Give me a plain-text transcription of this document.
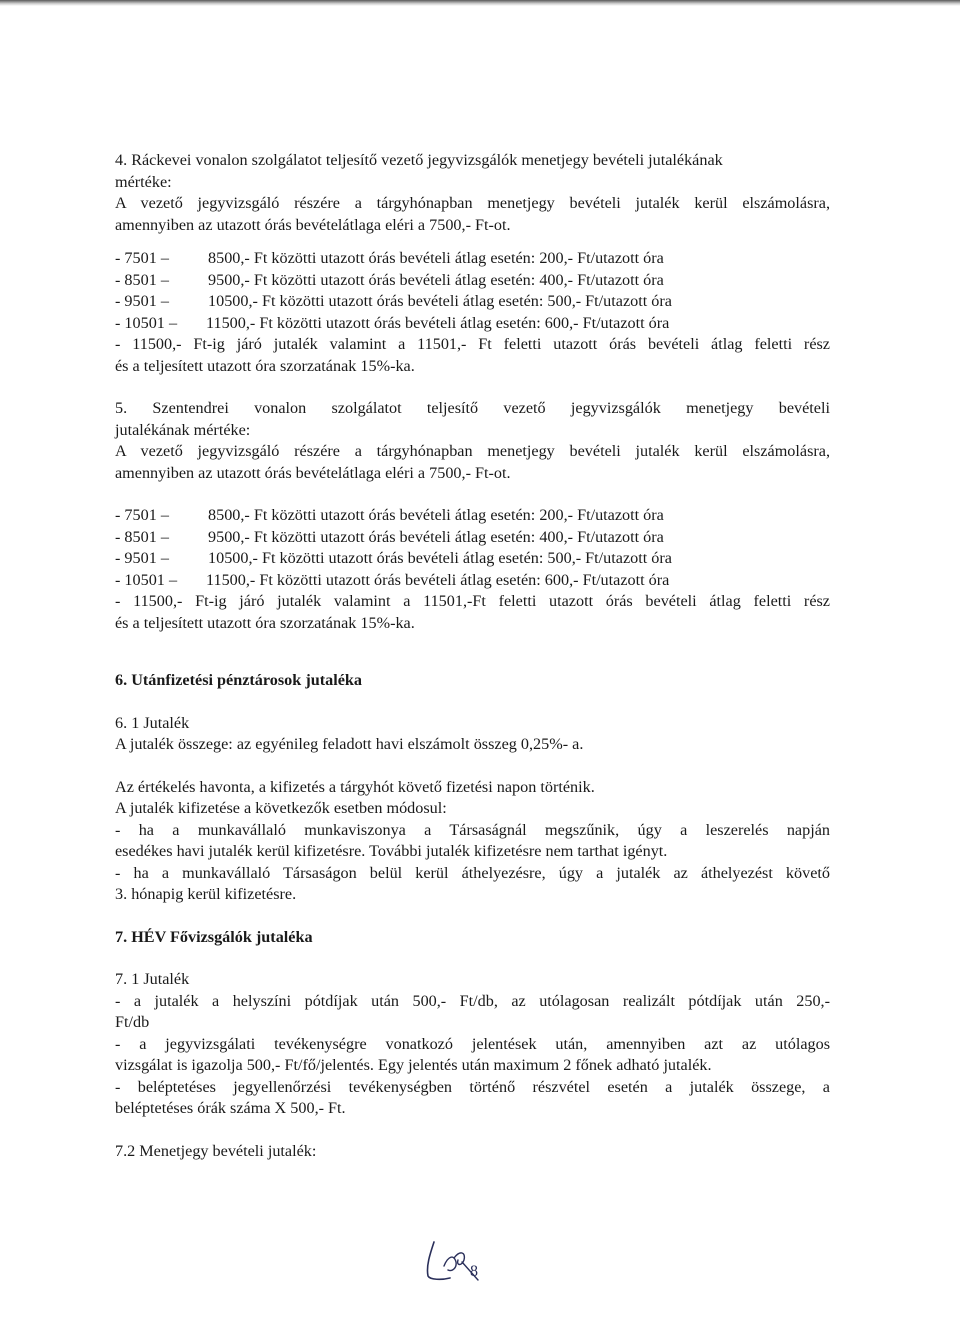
4. Ráckevei vonalon szolgálatot teljesítő vezető jegyvizsgálók menetjegy bevételi jutalékának

mértéke:

A vezető jegyvizsgáló részére a tárgyhónapban menetjegy bevételi jutalék kerül elszámolásra,

amennyiben az utazott órás bevételátlaga eléri a 7500,- Ft-ot.

- 7501 –	8500,- Ft
közötti utazott órás bevételi átlag esetén: 200,- Ft/utazott óra
- 8501 –	9500,- Ft
közötti utazott órás bevételi átlag esetén: 400,- Ft/utazott óra
- 9501 –	10500,- Ft
közötti utazott órás bevételi átlag esetén: 500,- Ft/utazott óra
- 10501 –	11500,- Ft
közötti utazott órás bevételi átlag esetén: 600,- Ft/utazott óra

- 11500,- Ft-ig járó jutalék valamint a 11501,- Ft feletti utazott órás bevételi átlag feletti rész

és a teljesített utazott óra szorzatának 15%-ka.

5. Szentendrei vonalon szolgálatot teljesítő vezető jegyvizsgálók menetjegy bevételi

jutalékának mértéke:

A vezető jegyvizsgáló részére a tárgyhónapban menetjegy bevételi jutalék kerül elszámolásra,

amennyiben az utazott órás bevételátlaga eléri a 7500,- Ft-ot.

- 7501 –	8500,- Ft
közötti utazott órás bevételi átlag esetén: 200,- Ft/utazott óra
- 8501 –	9500,- Ft
közötti utazott órás bevételi átlag esetén: 400,- Ft/utazott óra
- 9501 –	10500,- Ft
közötti utazott órás bevételi átlag esetén: 500,- Ft/utazott óra
- 10501 –	11500,- Ft
közötti utazott órás bevételi átlag esetén: 600,- Ft/utazott óra

- 11500,- Ft-ig járó jutalék valamint a 11501,-Ft feletti utazott órás bevételi átlag feletti rész

és a teljesített utazott óra szorzatának 15%-ka.

6. Utánfizetési pénztárosok jutaléka

6. 1 Jutalék

A jutalék összege: az egyénileg feladott havi elszámolt összeg 0,25%- a.

Az értékelés havonta, a kifizetés a tárgyhót követő fizetési napon történik.

A jutalék kifizetése a következők esetben módosul:

- ha a munkavállaló munkaviszonya a Társaságnál megszűnik, úgy a leszerelés napján

esedékes havi jutalék kerül kifizetésre. További jutalék kifizetésre nem tarthat igényt.

- ha a munkavállaló Társaságon belül kerül áthelyezésre, úgy a jutalék az áthelyezést követő

3. hónapig kerül kifizetésre.

7. HÉV Fővizsgálók jutaléka

7. 1 Jutalék

- a jutalék a helyszíni pótdíjak után 500,- Ft/db, az utólagosan realizált pótdíjak után 250,-

Ft/db

- a jegyvizsgálati tevékenységre vonatkozó jelentések után, amennyiben azt az utólagos

vizsgálat is igazolja 500,- Ft/fő/jelentés. Egy jelentés után maximum 2 főnek adható jutalék.

- beléptetéses jegyellenőrzési tevékenységben történő részvétel esetén a jutalék összege, a

beléptetéses órák száma X 500,- Ft.

7.2 Menetjegy bevételi jutalék:

8
